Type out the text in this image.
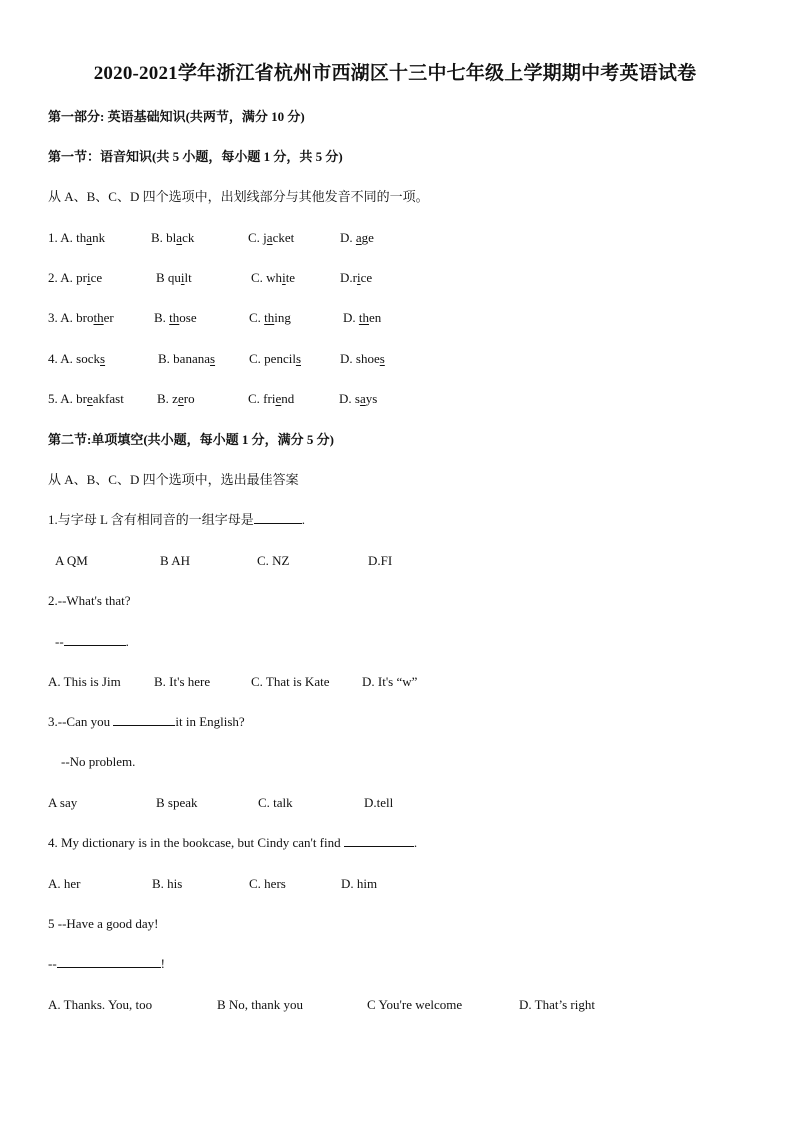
2020-2021学年浙江省杭州市西湖区十三中七年级上学期期中考英语试卷
第一部分: 英语基础知识(共两节，满分 10 分)
第一节：语音知识(共 5 小题，每小题 1 分，共 5 分)
从 A、B、C、D 四个选项中，出划线部分与其他发音不同的一项。
1. A. thank	B. black	C. jacket	D. age
2. A. price	B quilt	C. white	D.rice
3. A. brother	B. those	C. thing	D. then
4. A. socks	B. bananas	C. pencils	D. shoes
5. A. breakfast	B. zero	C. friend	D. says
第二节:单项填空(共小题，每小题 1 分，满分 5 分)
从 A、B、C、D 四个选项中，选出最佳答案
1.与字母 L 含有相同音的一组字母是	.
A QM	B AH	C. NZ	D.FI
2.--What's that?
--	.
A. This is Jim	B. It's here	C. That is Kate	D. It's “w”
3.--Can you	it in English?
--No problem.
A say	B speak	C. talk	D.tell
4. My dictionary is in the bookcase, but Cindy can't find	.
A. her	B. his	C. hers	D. him
5 --Have a good day!
--	!
A. Thanks. You, too	B No, thank you	C You're welcome	D. That’s right
